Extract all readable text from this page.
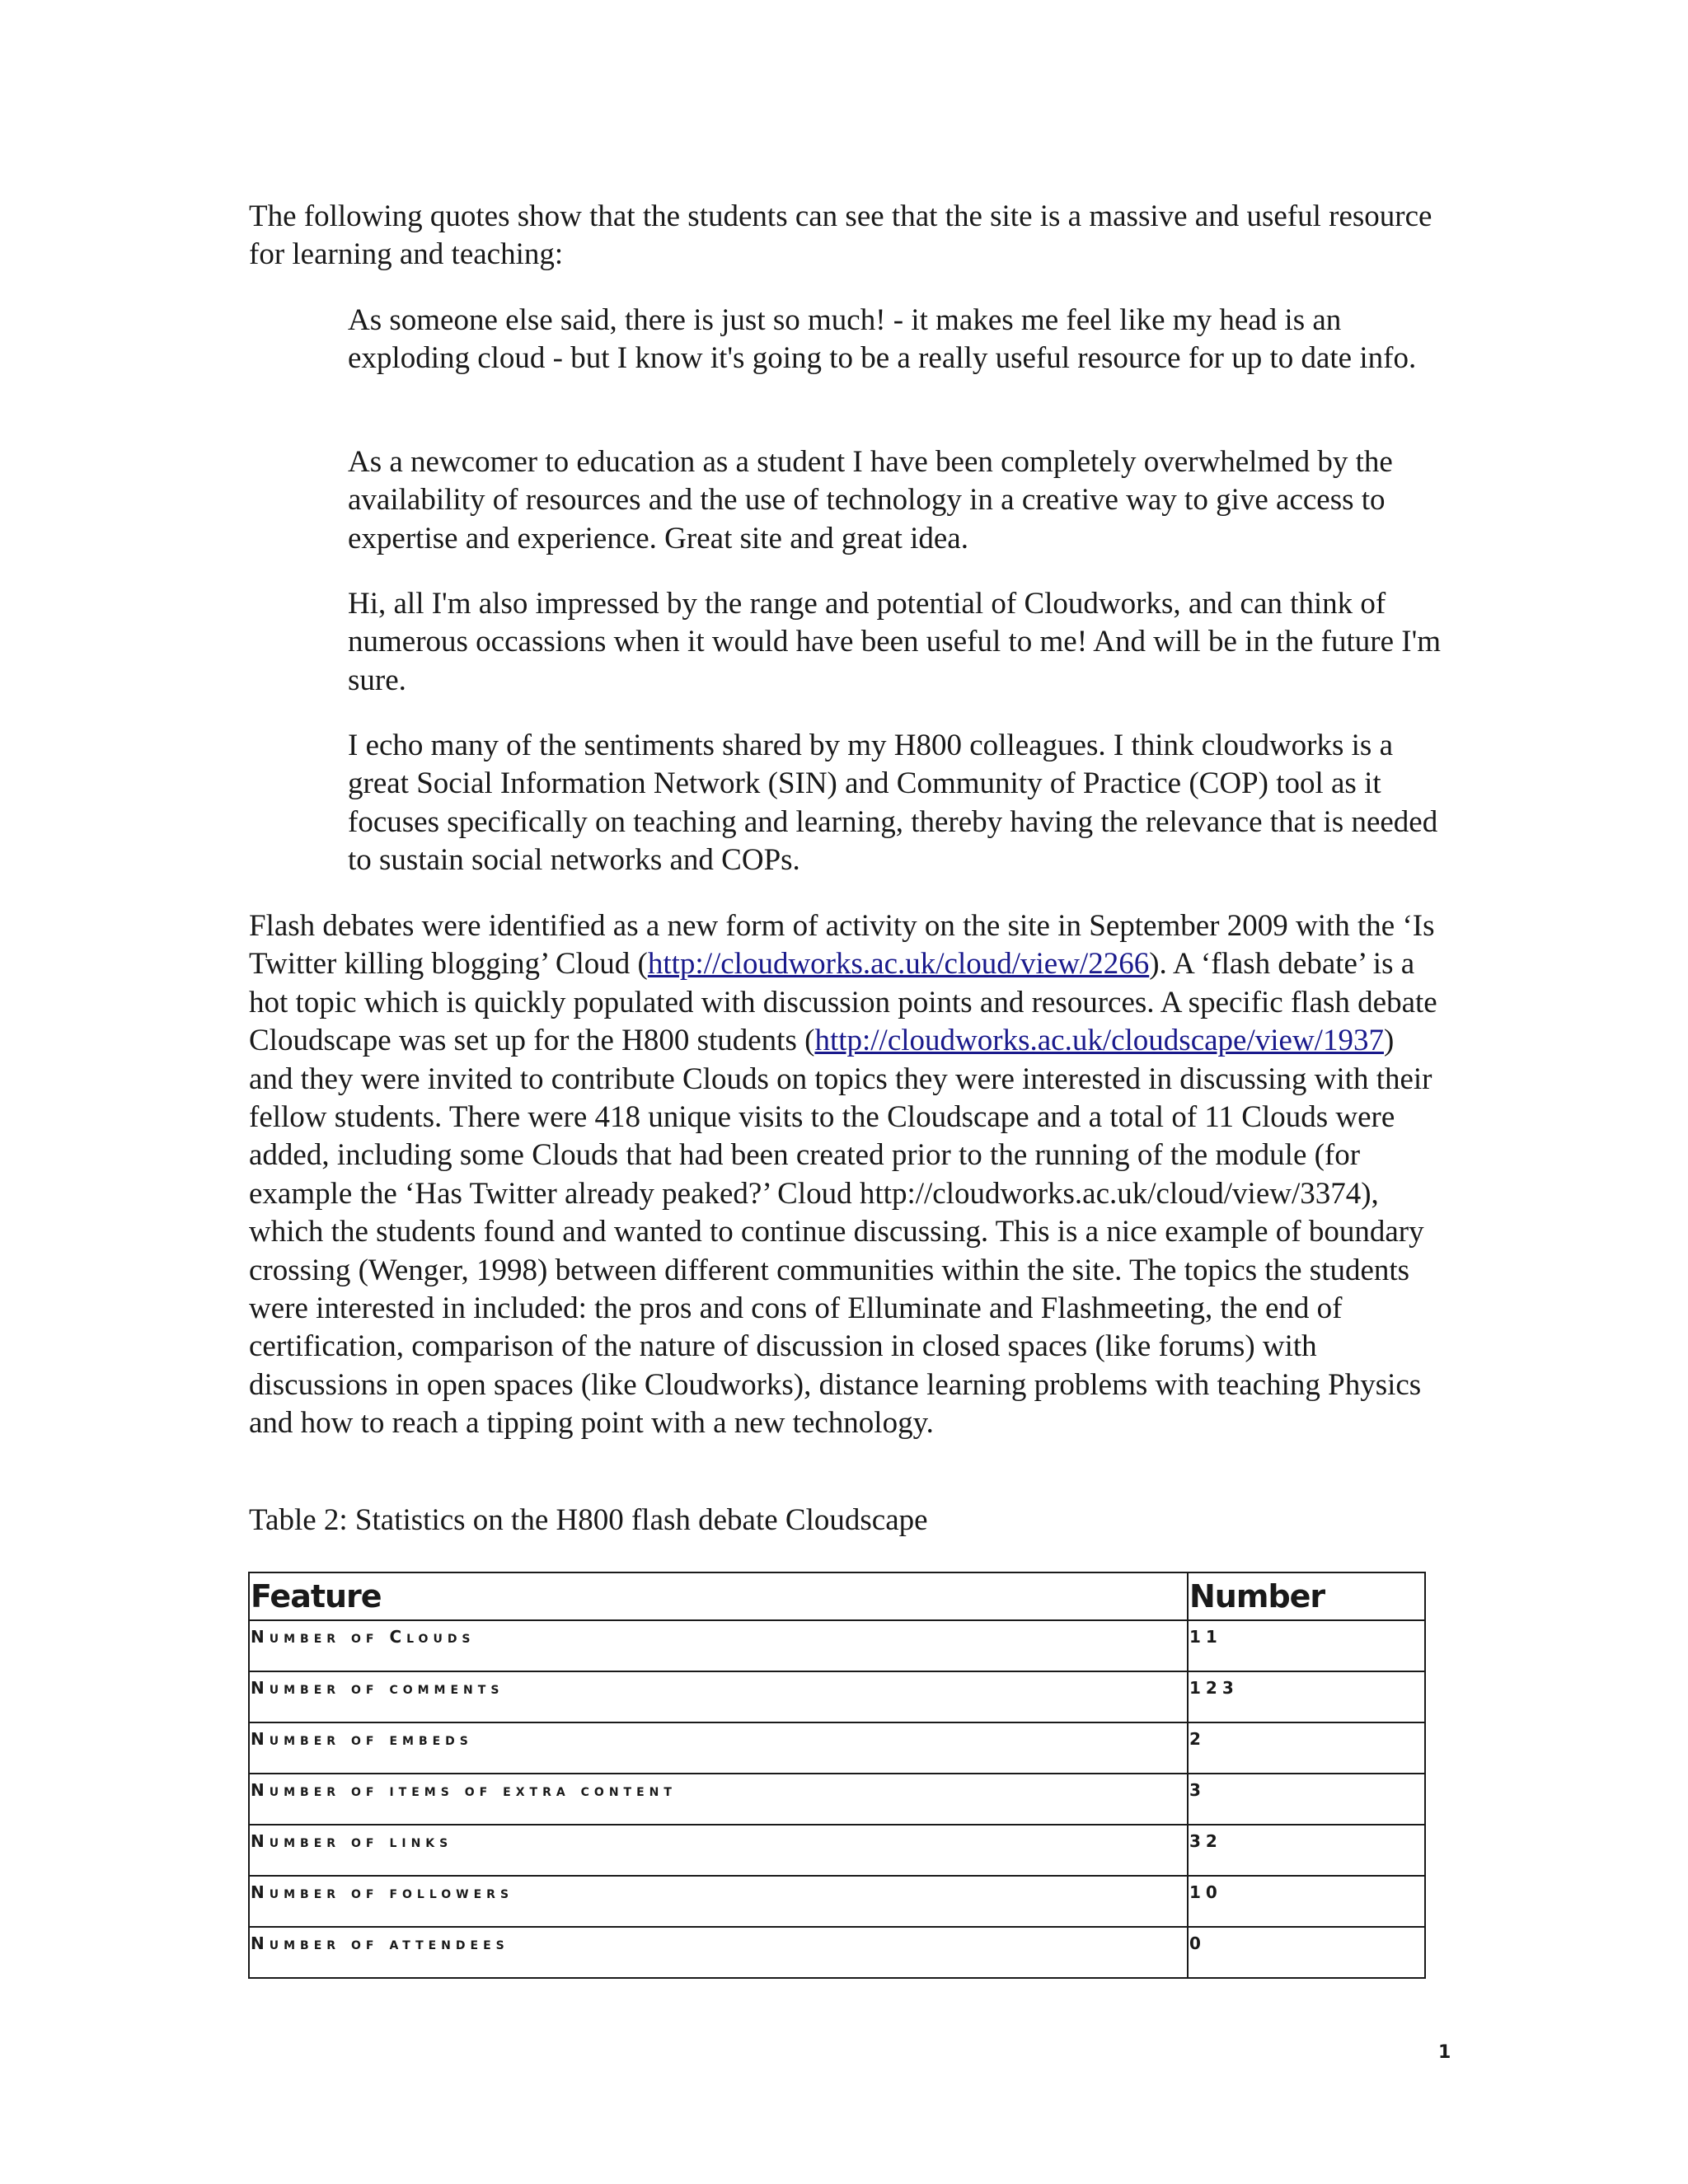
The following quotes show that the students can see that the site is a massive and useful resource for learning and teaching:

As someone else said, there is just so much! - it makes me feel like my head is an exploding cloud - but I know it's going to be a really useful resource for up to date info.

As a newcomer to education as a student I have been completely overwhelmed by the availability of resources and the use of technology in a creative way to give access to expertise and experience. Great site and great idea.

Hi, all I'm also impressed by the range and potential of Cloudworks, and can think of numerous occassions when it would have been useful to me! And will be in the future I'm sure.

I echo many of the sentiments shared by my H800 colleagues. I think cloudworks is a great Social Information Network (SIN) and Community of Practice (COP) tool as it focuses specifically on teaching and learning, thereby having the relevance that is needed to sustain social networks and COPs.

Flash debates were identified as a new form of activity on the site in September 2009 with the ‘Is Twitter killing blogging’ Cloud (http://cloudworks.ac.uk/cloud/view/2266). A ‘flash debate’ is a hot topic which is quickly populated with discussion points and resources. A specific flash debate Cloudscape was set up for the H800 students (http://cloudworks.ac.uk/cloudscape/view/1937) and they were invited to contribute Clouds on topics they were interested in discussing with their fellow students. There were 418 unique visits to the Cloudscape and a total of 11 Clouds were added, including some Clouds that had been created prior to the running of the module (for example the ‘Has Twitter already peaked?’ Cloud http://cloudworks.ac.uk/cloud/view/3374), which the students found and wanted to continue discussing. This is a nice example of boundary crossing (Wenger, 1998) between different communities within the site. The topics the students were interested in included: the pros and cons of Elluminate and Flashmeeting, the end of certification, comparison of the nature of discussion in closed spaces (like forums) with discussions in open spaces (like Cloudworks), distance learning problems with teaching Physics and how to reach a tipping point with a new technology.

Table 2: Statistics on the H800 flash debate Cloudscape

Feature	Number
Number of Clouds	11
Number of comments	123
Number of embeds	2
Number of items of extra content	3
Number of links	32
Number of followers	10
Number of attendees	0
1
